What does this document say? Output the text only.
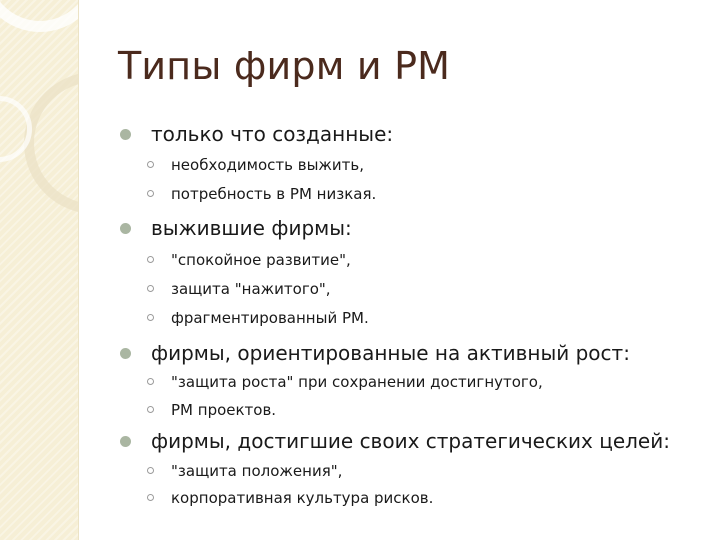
Типы фирм и РМ
только что созданные:
необходимость выжить,
потребность в РМ низкая.
выжившие фирмы:
"спокойное развитие",
защита "нажитого",
фрагментированный РМ.
фирмы, ориентированные на активный рост:
"защита роста" при сохранении достигнутого,
РМ проектов.
фирмы, достигшие своих стратегических целей:
"защита положения",
корпоративная культура рисков.
